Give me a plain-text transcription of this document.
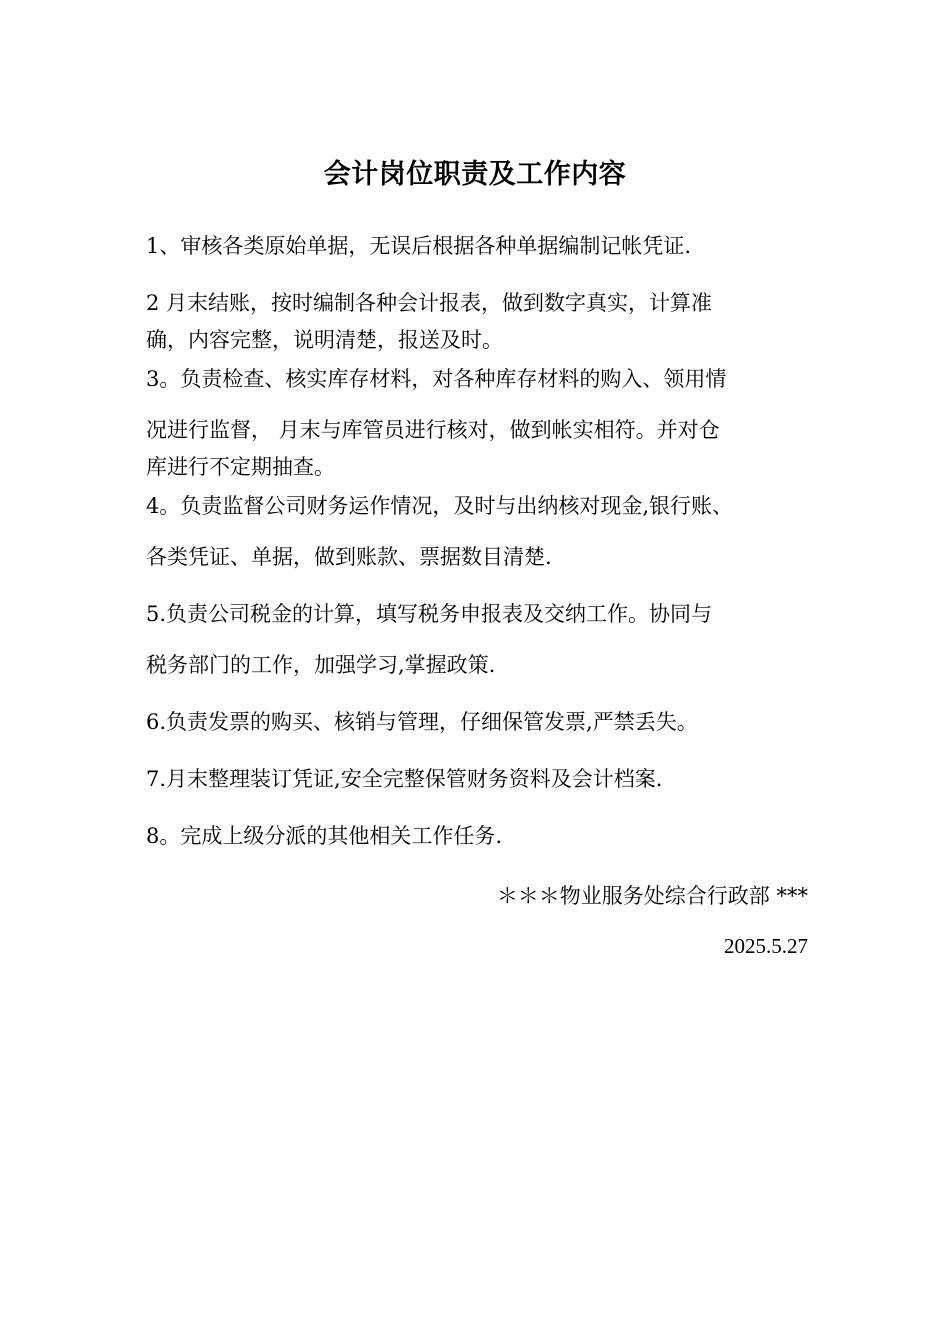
会计岗位职责及工作内容

1、审核各类原始单据，无误后根据各种单据编制记帐凭证.

2 月末结账，按时编制各种会计报表，做到数字真实，计算准
确，内容完整，说明清楚，报送及时。

3。负责检查、核实库存材料，对各种库存材料的购入、领用情
况进行监督， 月末与库管员进行核对，做到帐实相符。并对仓
库进行不定期抽查。

4。负责监督公司财务运作情况，及时与出纳核对现金,银行账、
各类凭证、单据，做到账款、票据数目清楚.

5.负责公司税金的计算，填写税务申报表及交纳工作。协同与
税务部门的工作，加强学习,掌握政策.

6.负责发票的购买、核销与管理，仔细保管发票,严禁丢失。

7.月末整理装订凭证,安全完整保管财务资料及会计档案.

8。完成上级分派的其他相关工作任务.

＊＊＊物业服务处综合行政部 ***
2025.5.27
